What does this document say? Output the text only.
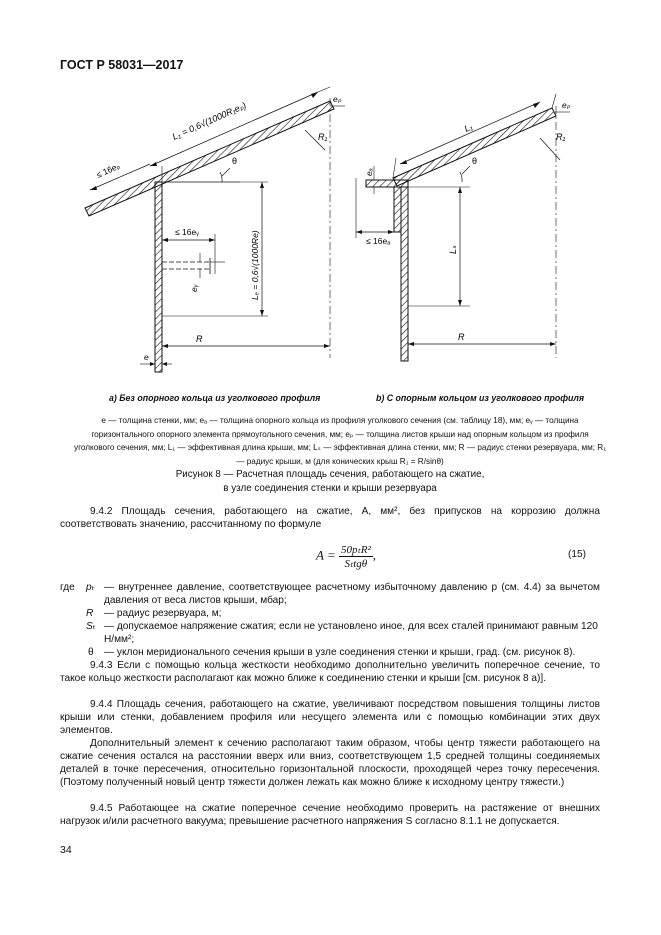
ГОСТ Р 58031—2017
L₁ = 0,6√(1000R₁eₚ)
≤ 16eₚ
eₚ
R₁
θ
≤ 16eᵧ
eᵧ	Lₑ = 0,6√(1000Re)
R
e
L₁
eₚ
R₁
θ
eₐ
≤ 16eₐ
Lₛ
R
а) Без опорного кольца из уголкового профиля	b) С опорным кольцом из уголкового профиля
e — толщина стенки, мм; eₐ — толщина опорного кольца из профиля уголкового сечения (см. таблицу 18), мм; eᵧ — толщина горизонтального опорного элемента прямоугольного сечения, мм; eₚ — толщина листов крыши над опорным кольцом из профиля уголкового сечения, мм; L₁ — эффективная длина крыши, мм; Lₛ — эффективная длина стенки, мм; R — радиус стенки резервуара, мм; R₁ — радиус крыши, м (для конических крыш R₁ = R/sinθ)
Рисунок 8 — Расчетная площадь сечения, работающего на сжатие,
в узле соединения стенки и крыши резервуара
9.4.2 Площадь сечения, работающего на сжатие, A, мм², без припусков на коррозию должна соответствовать значению, рассчитанному по формуле
$A = \frac{\text{50pₜR²}}{\text{Sₜtgθ}}$ ,	(15)
где pₜ — внутреннее давление, соответствующее расчетному избыточному давлению p (см. 4.4) за вычетом давления от веса листов крыши, мбар;
R — радиус резервуара, м;
Sₜ — допускаемое напряжение сжатия; если не установлено иное, для всех сталей принимают равным 120 Н/мм²;
θ — уклон меридионального сечения крыши в узле соединения стенки и крыши, град. (см. рисунок 8).
9.4.3 Если с помощью кольца жесткости необходимо дополнительно увеличить поперечное сечение, то такое кольцо жесткости располагают как можно ближе к соединению стенки и крыши [см. рисунок 8 а)].
9.4.4 Площадь сечения, работающего на сжатие, увеличивают посредством повышения толщины листов крыши или стенки, добавлением профиля или несущего элемента или с помощью комбинации этих двух элементов.
Дополнительный элемент к сечению располагают таким образом, чтобы центр тяжести работающего на сжатие сечения остался на расстоянии вверх или вниз, соответствующем 1,5 средней толщины соединяемых деталей в точке пересечения, относительно горизонтальной плоскости, проходящей через точку пересечения. (Поэтому полученный новый центр тяжести должен лежать как можно ближе к исходному центру тяжести.)
9.4.5 Работающее на сжатие поперечное сечение необходимо проверить на растяжение от внешних нагрузок и/или расчетного вакуума; превышение расчетного напряжения S согласно 8.1.1 не допускается.
34
